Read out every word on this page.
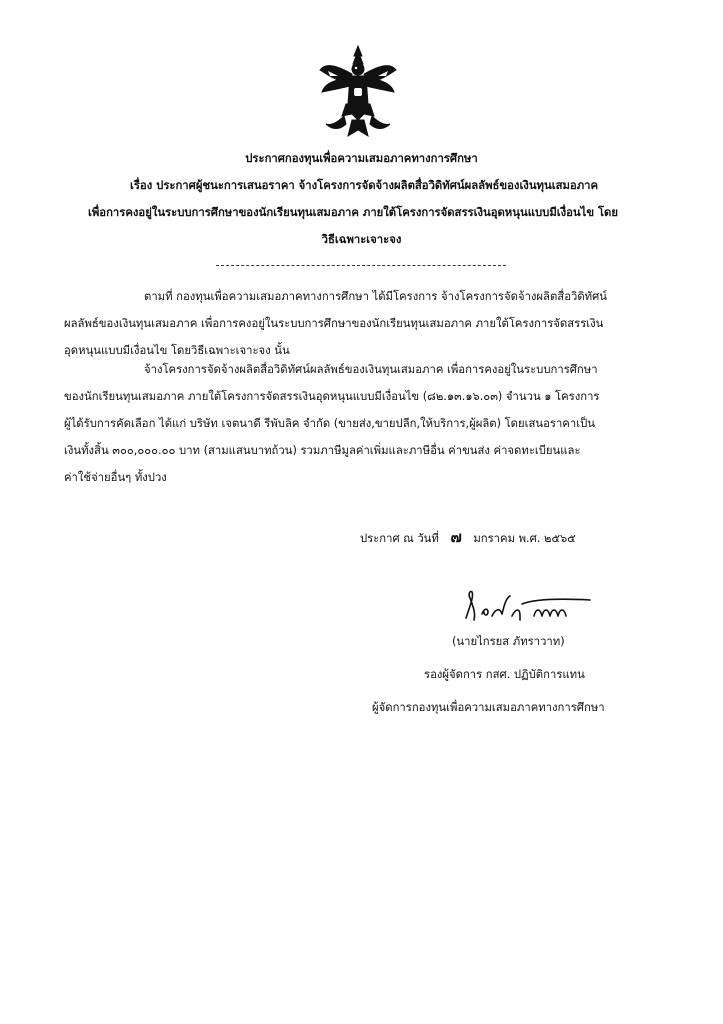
ประกาศกองทุนเพื่อความเสมอภาคทางการศึกษา
เรื่อง ประกาศผู้ชนะการเสนอราคา จ้างโครงการจัดจ้างผลิตสื่อวิดิทัศน์ผลลัพธ์ของเงินทุนเสมอภาค
เพื่อการคงอยู่ในระบบการศึกษาของนักเรียนทุนเสมอภาค ภายใต้โครงการจัดสรรเงินอุดหนุนแบบมีเงื่อนไข โดย
วิธีเฉพาะเจาะจง
ตามที่ กองทุนเพื่อความเสมอภาคทางการศึกษา ได้มีโครงการ จ้างโครงการจัดจ้างผลิตสื่อวิดิทัศน์
ผลลัพธ์ของเงินทุนเสมอภาค เพื่อการคงอยู่ในระบบการศึกษาของนักเรียนทุนเสมอภาค ภายใต้โครงการจัดสรรเงิน
อุดหนุนแบบมีเงื่อนไข โดยวิธีเฉพาะเจาะจง นั้น
จ้างโครงการจัดจ้างผลิตสื่อวิดิทัศน์ผลลัพธ์ของเงินทุนเสมอภาค เพื่อการคงอยู่ในระบบการศึกษา
ของนักเรียนทุนเสมอภาค ภายใต้โครงการจัดสรรเงินอุดหนุนแบบมีเงื่อนไข (๘๒.๑๓.๑๖.๐๓) จำนวน ๑ โครงการ
ผู้ได้รับการคัดเลือก ได้แก่ บริษัท เจตนาดี รีพับลิค จำกัด (ขายส่ง,ขายปลีก,ให้บริการ,ผู้ผลิต) โดยเสนอราคาเป็น
เงินทั้งสิ้น ๓๐๐,๐๐๐.๐๐ บาท (สามแสนบาทถ้วน) รวมภาษีมูลค่าเพิ่มและภาษีอื่น ค่าขนส่ง ค่าจดทะเบียนและ
ค่าใช้จ่ายอื่นๆ ทั้งปวง
ประกาศ ณ วันที่ ๗ มกราคม พ.ศ. ๒๕๖๕
(นายไกรยส ภัทราวาท)
รองผู้จัดการ กสศ. ปฏิบัติการแทน
ผู้จัดการกองทุนเพื่อความเสมอภาคทางการศึกษา
